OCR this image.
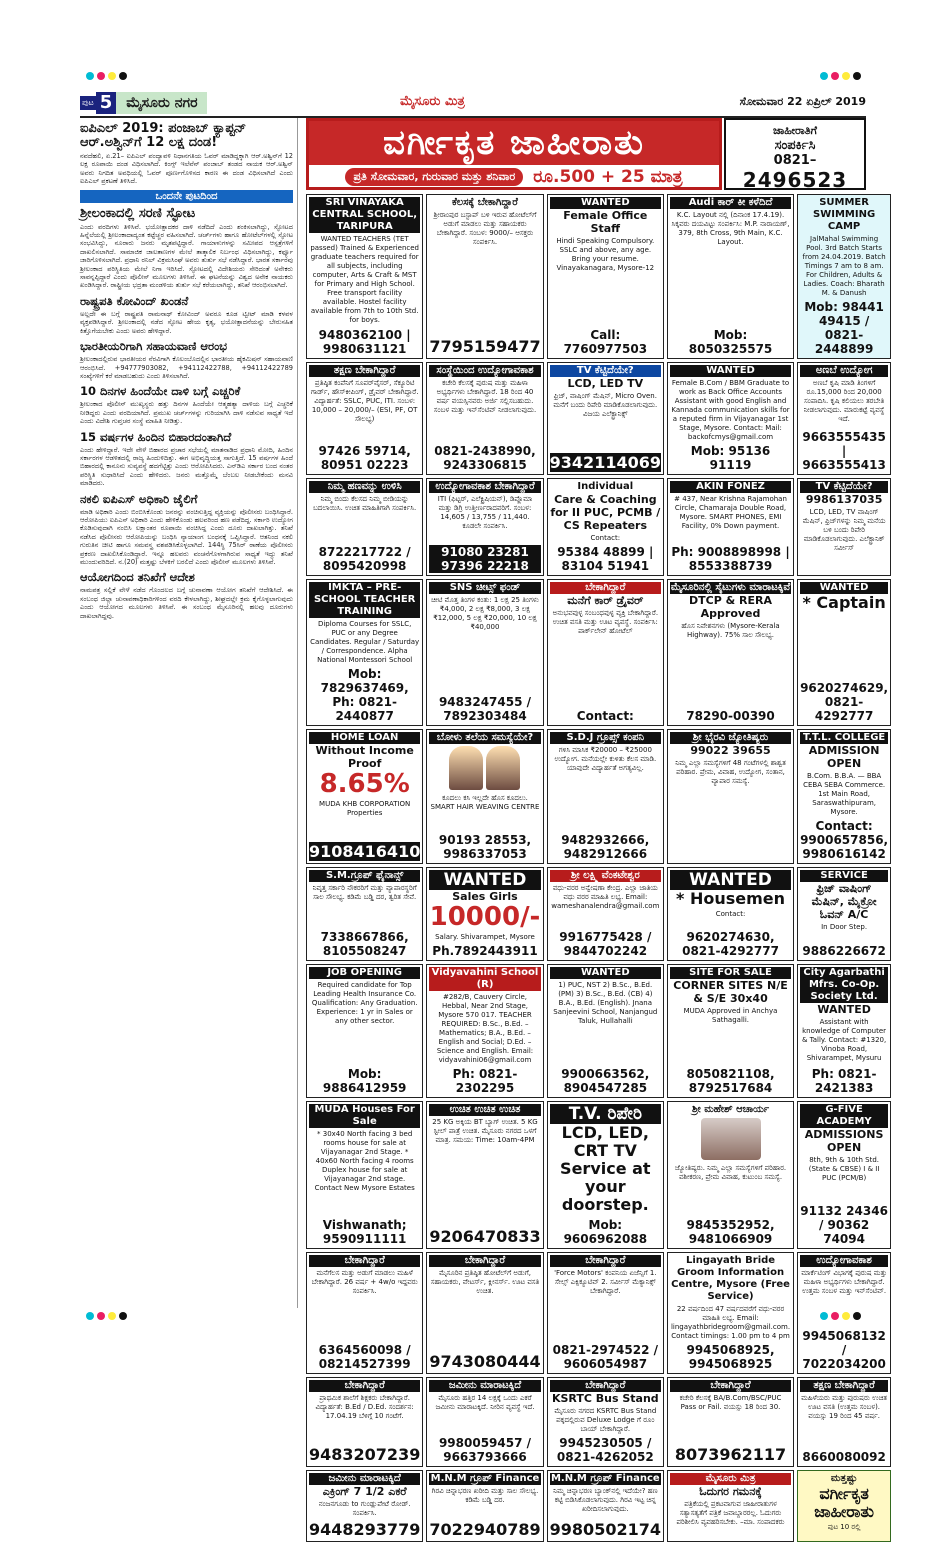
ಪುಟ 5	ಮೈಸೂರು ನಗರ	ಮೈಸೂರು ಮಿತ್ರ	ಸೋಮವಾರ 22 ಏಪ್ರಿಲ್ 2019
ಐಪಿಎಲ್ 2019: ಪಂಜಾಬ್ ಕ್ಯಾಪ್ಟನ್ ಆರ್.ಅಶ್ವಿನ್‌ಗೆ 12 ಲಕ್ಷ ದಂಡ!
ನವದೆಹಲಿ, ಏ.21– ಐಪಿಎಲ್ ಪಂದ್ಯಾವಳಿ ನಿಧಾನಗತಿಯ ಓವರ್ ಮಾಡಿದ್ದಕ್ಕಾಗಿ ಆರ್.ಅಶ್ವಿನ್‌ಗೆ 12 ಲಕ್ಷ ರೂಪಾಯಿ ದಂಡ ವಿಧಿಸಲಾಗಿದೆ. ಕಿಂಗ್ಸ್ ಇಲೆವೆನ್ ಪಂಜಾಬ್ ತಂಡದ ನಾಯಕ ಆರ್.ಅಶ್ವಿನ್ ಅವರು ನಿಗದಿತ ಅವಧಿಯಲ್ಲಿ ಓವರ್ ಪೂರ್ಣಗೊಳಿಸದ ಕಾರಣ ಈ ದಂಡ ವಿಧಿಸಲಾಗಿದೆ ಎಂದು ಐಪಿಎಲ್ ಪ್ರಕಟಣೆ ತಿಳಿಸಿದೆ.
ಒಂದನೇ ಪುಟದಿಂದ
ಶ್ರೀಲಂಕಾದಲ್ಲಿ ಸರಣಿ ಸ್ಫೋಟ
ಎಂದು ವರದಿಗಳು ತಿಳಿಸಿವೆ. ಭಯೋತ್ಪಾದಕರ ದಾಳಿ ನಡೆದಿದೆ ಎಂದು ಶಂಕಿಸಲಾಗಿದ್ದು, ಸ್ಫೋಟದ ಹಿನ್ನೆಲೆಯಲ್ಲಿ ಶ್ರೀಲಂಕಾದಾದ್ಯಂತ ಕಟ್ಟೆಚ್ಚರ ವಹಿಸಲಾಗಿದೆ. ಚರ್ಚ್‌ಗಳು ಹಾಗೂ ಹೋಟೆಲ್‌ಗಳಲ್ಲಿ ಸ್ಫೋಟ ಸಂಭವಿಸಿದ್ದು, ನೂರಾರು ಜನರು ಮೃತಪಟ್ಟಿದ್ದಾರೆ. ಗಾಯಾಳುಗಳನ್ನು ಸಮೀಪದ ಆಸ್ಪತ್ರೆಗಳಿಗೆ ದಾಖಲಿಸಲಾಗಿದೆ. ಸಾಮಾಜಿಕ ಜಾಲತಾಣಗಳ ಮೇಲೆ ತಾತ್ಕಾಲಿಕ ನಿರ್ಬಂಧ ವಿಧಿಸಲಾಗಿದ್ದು, ಕರ್ಫ್ಯೂ ಜಾರಿಗೊಳಿಸಲಾಗಿದೆ. ಪ್ರಧಾನಿ ರನಿಲ್ ವಿಕ್ರಮಸಿಂಘೆ ಅವರು ತುರ್ತು ಸಭೆ ನಡೆಸಿದ್ದಾರೆ. ಭಾರತ ಸರ್ಕಾರವು ಶ್ರೀಲಂಕಾದ ಪರಿಸ್ಥಿತಿಯ ಮೇಲೆ ನಿಗಾ ಇರಿಸಿದೆ. ಸ್ಫೋಟದಲ್ಲಿ ವಿದೇಶಿಯರು ಸೇರಿದಂತೆ ಅನೇಕರು ಸಾವನ್ನಪ್ಪಿದ್ದಾರೆ ಎಂದು ಪೊಲೀಸ್ ಮೂಲಗಳು ತಿಳಿಸಿವೆ. ಈ ಘಟನೆಯನ್ನು ವಿಶ್ವದ ಅನೇಕ ನಾಯಕರು ಖಂಡಿಸಿದ್ದಾರೆ. ರಾಷ್ಟ್ರೀಯ ಭದ್ರತಾ ಮಂಡಳಿಯ ತುರ್ತು ಸಭೆ ಕರೆಯಲಾಗಿದ್ದು, ತನಿಖೆ ಆರಂಭಿಸಲಾಗಿದೆ.
ರಾಷ್ಟ್ರಪತಿ ಕೋವಿಂದ್ ಖಂಡನೆ
ಅಲ್ಲದೇ ಈ ಬಗ್ಗೆ ರಾಷ್ಟ್ರಪತಿ ರಾಮನಾಥ್ ಕೋವಿಂದ್ ಅವರೂ ಕೂಡ ಟ್ವೀಟ್ ಮಾಡಿ ಕಳವಳ ವ್ಯಕ್ತಪಡಿಸಿದ್ದಾರೆ. ಶ್ರೀಲಂಕಾದಲ್ಲಿ ನಡೆದ ಸ್ಫೋಟ ಹೇಯ ಕೃತ್ಯ, ಭಯೋತ್ಪಾದನೆಯನ್ನು ಬೇರುಸಹಿತ ಕಿತ್ತೊಗೆಯಬೇಕು ಎಂದು ಅವರು ಹೇಳಿದ್ದಾರೆ.
ಭಾರತೀಯರಿಗಾಗಿ ಸಹಾಯವಾಣಿ ಆರಂಭ
ಶ್ರೀಲಂಕಾದಲ್ಲಿರುವ ಭಾರತೀಯರ ನೆರವಿಗಾಗಿ ಕೊಲಂಬೊದಲ್ಲಿನ ಭಾರತೀಯ ಹೈಕಮಿಷನ್ ಸಹಾಯವಾಣಿ ಆರಂಭಿಸಿದೆ. +94777903082, +94112422788, +94112422789 ಸಂಖ್ಯೆಗಳಿಗೆ ಕರೆ ಮಾಡಬಹುದು ಎಂದು ತಿಳಿಸಲಾಗಿದೆ.
10 ದಿನಗಳ ಹಿಂದೆಯೇ ದಾಳಿ ಬಗ್ಗೆ ಎಚ್ಚರಿಕೆ
ಶ್ರೀಲಂಕಾದ ಪೊಲೀಸ್ ಮುಖ್ಯಸ್ಥರು ಹತ್ತು ದಿನಗಳ ಹಿಂದೆಯೇ ಆತ್ಮಹತ್ಯಾ ದಾಳಿಯ ಬಗ್ಗೆ ಎಚ್ಚರಿಕೆ ನೀಡಿದ್ದರು ಎಂದು ವರದಿಯಾಗಿದೆ. ಪ್ರಮುಖ ಚರ್ಚ್‌ಗಳನ್ನು ಗುರಿಯಾಗಿಸಿ ದಾಳಿ ನಡೆಸುವ ಸಾಧ್ಯತೆ ಇದೆ ಎಂದು ವಿದೇಶಿ ಗುಪ್ತಚರ ಸಂಸ್ಥೆ ಮಾಹಿತಿ ನೀಡಿತ್ತು.
15 ವರ್ಷಗಳ ಹಿಂದಿನ ಬಿಹಾರದಂತಾಗಿದೆ
ಎಂದು ಹೇಳಿದ್ದಾರೆ. ಇದೇ ವೇಳೆ ಬಿಹಾರದ ಪ್ರಚಾರ ಸಭೆಯಲ್ಲಿ ಮಾತನಾಡಿದ ಪ್ರಧಾನಿ ಮೋದಿ, ಹಿಂದಿನ ಸರ್ಕಾರಗಳ ಆಡಳಿತದಲ್ಲಿ ರಾಜ್ಯ ಹಿಂದುಳಿದಿತ್ತು. ಈಗ ಅಭಿವೃದ್ಧಿಯತ್ತ ಸಾಗುತ್ತಿದೆ. 15 ವರ್ಷಗಳ ಹಿಂದೆ ಬಿಹಾರದಲ್ಲಿ ಕಾನೂನು ಸುವ್ಯವಸ್ಥೆ ಹದಗೆಟ್ಟಿತ್ತು ಎಂದು ಆರೋಪಿಸಿದರು. ಎನ್‌ಡಿಎ ಸರ್ಕಾರ ಬಂದ ನಂತರ ಪರಿಸ್ಥಿತಿ ಸುಧಾರಿಸಿದೆ ಎಂದು ಹೇಳಿದರು. ಜನರು ಮತ್ತೊಮ್ಮೆ ಬೆಂಬಲ ನೀಡಬೇಕೆಂದು ಮನವಿ ಮಾಡಿದರು.
ನಕಲಿ ಐಪಿಎಸ್ ಅಧಿಕಾರಿ ಜೈಲಿಗೆ
ಮಾಡಿ ಅಧಿಕಾರಿ ಎಂದು ಬಿಂಬಿಸಿಕೊಂಡು ಜನರನ್ನು ವಂಚಿಸುತ್ತಿದ್ದ ವ್ಯಕ್ತಿಯನ್ನು ಪೊಲೀಸರು ಬಂಧಿಸಿದ್ದಾರೆ. ಆರೋಪಿಯು ಐಪಿಎಸ್ ಅಧಿಕಾರಿ ಎಂದು ಹೇಳಿಕೊಂಡು ಹಲವರಿಂದ ಹಣ ಪಡೆದಿದ್ದ. ಸರ್ಕಾರಿ ಉದ್ಯೋಗ ಕೊಡಿಸುವುದಾಗಿ ನಂಬಿಸಿ ಲಕ್ಷಾಂತರ ರೂಪಾಯಿ ವಂಚಿಸಿದ್ದ ಎಂದು ದೂರು ದಾಖಲಾಗಿತ್ತು. ತನಿಖೆ ನಡೆಸಿದ ಪೊಲೀಸರು ಆರೋಪಿಯನ್ನು ಬಂಧಿಸಿ ನ್ಯಾಯಾಂಗ ಬಂಧನಕ್ಕೆ ಒಪ್ಪಿಸಿದ್ದಾರೆ. ಆತನಿಂದ ನಕಲಿ ಗುರುತಿನ ಚೀಟಿ ಹಾಗೂ ಸಮವಸ್ತ್ರ ವಶಪಡಿಸಿಕೊಳ್ಳಲಾಗಿದೆ. 144ಸ್ಥಿ 75ಸಿರ್ ಠಾಣೆಯ ಪೊಲೀಸರು ಪ್ರಕರಣ ದಾಖಲಿಸಿಕೊಂಡಿದ್ದಾರೆ. ಇನ್ನೂ ಹಲವರು ವಂಚನೆಗೊಳಗಾಗಿರುವ ಸಾಧ್ಯತೆ ಇದ್ದು ತನಿಖೆ ಮುಂದುವರಿದಿದೆ. ನ.(20) ಮತ್ತಷ್ಟು ಬೆಳಕಿಗೆ ಬರಲಿದೆ ಎಂದು ಪೊಲೀಸ್ ಮೂಲಗಳು ತಿಳಿಸಿವೆ.
ಆಯೋಗದಿಂದ ತನಿಖೆಗೆ ಆದೇಶ
ನಾಮಪತ್ರ ಸಲ್ಲಿಕೆ ವೇಳೆ ನಡೆದ ಗೊಂದಲದ ಬಗ್ಗೆ ಚುನಾವಣಾ ಆಯೋಗ ತನಿಖೆಗೆ ಆದೇಶಿಸಿದೆ. ಈ ಸಂಬಂಧ ಜಿಲ್ಲಾ ಚುನಾವಣಾಧಿಕಾರಿಗಳಿಂದ ವರದಿ ಕೇಳಲಾಗಿದ್ದು, ಶೀಘ್ರದಲ್ಲೇ ಕ್ರಮ ಕೈಗೊಳ್ಳಲಾಗುವುದು ಎಂದು ಆಯೋಗದ ಮೂಲಗಳು ತಿಳಿಸಿವೆ. ಈ ಸಂಬಂಧ ಮೈಸೂರಿನಲ್ಲಿ ಹಲವು ದೂರುಗಳು ದಾಖಲಾಗಿದ್ದವು.
ವರ್ಗೀಕೃತ ಜಾಹೀರಾತು
ಪ್ರತಿ ಸೋಮವಾರ, ಗುರುವಾರ ಮತ್ತು ಶನಿವಾರ	ರೂ.500 + 25 ಮಾತ್ರ
ಜಾಹೀರಾತಿಗೆ
ಸಂಪರ್ಕಿಸಿ
0821–
2496523
SRI VINAYAKA CENTRAL SCHOOL, TARIPURA
WANTED TEACHERS (TET passed) Trained & Experienced graduate teachers required for all subjects, including computer, Arts & Craft & MST for Primary and High School. Free transport facility available. Hostel facility available from 7th to 10th Std. for boys.
9480362100 | 9980631121
ಕೆಲಸಕ್ಕೆ ಬೇಕಾಗಿದ್ದಾರೆ
ಶ್ರೀರಾಂಪುರ ಬಸ್ಟಾಪ್ ಬಳಿ ಇರುವ ಹೋಟೆಲ್‌ಗೆ ಅಡುಗೆ ಮಾಡಲು ಮತ್ತು ಸಹಾಯಕರು ಬೇಕಾಗಿದ್ದಾರೆ. ಸಂಬಳ: 9000/– ಆಸಕ್ತರು ಸಂಪರ್ಕಿಸಿ.
7795159477
WANTED
Female Office Staff
Hindi Speaking Compulsory. SSLC and above, any age. Bring your resume. Vinayakanagara, Mysore-12
Call: 7760977503
Audi ಕಾರ್ ಕೀ ಕಳೆದಿದೆ
K.C. Layout ನಲ್ಲಿ (ದಿನಾಂಕ 17.4.19). ಸಿಕ್ಕವರು ದಯವಿಟ್ಟು ಸಂಪರ್ಕಿಸಿ: M.P. ನಾರಾಯಣ್, 379, 8th Cross, 9th Main, K.C. Layout.
Mob: 8050325575
SUMMER SWIMMING CAMP
JalMahal Swimming Pool. 3rd Batch Starts from 24.04.2019. Batch Timings 7 am to 8 am. For Children, Adults & Ladies. Coach: Bharath M. & Danush
Mob: 98441 49415 / 0821-2448899
ತಕ್ಷಣ ಬೇಕಾಗಿದ್ದಾರೆ
ಪ್ರತಿಷ್ಠಿತ ಕಂಪೆನಿಗೆ ಸೂಪರ್‌ವೈಸರ್, ಸೆಕ್ಯೂರಿಟಿ ಗಾರ್ಡ್, ಹೌಸ್‌ಕೀಪಿಂಗ್, ಡ್ರೈವರ್ ಬೇಕಾಗಿದ್ದಾರೆ. ವಿದ್ಯಾರ್ಹತೆ: SSLC, PUC, ITI. ಸಂಬಳ: 10,000 – 20,000/– (ESI, PF, OT ಸೌಲಭ್ಯ)
97426 59714, 80951 02223
ಸಂಸ್ಥೆಯಿಂದ ಉದ್ಯೋಗಾವಕಾಶ
ಕಚೇರಿ ಕೆಲಸಕ್ಕೆ ಪುರುಷ ಮತ್ತು ಮಹಿಳಾ ಅಭ್ಯರ್ಥಿಗಳು ಬೇಕಾಗಿದ್ದಾರೆ. 18 ರಿಂದ 40 ವರ್ಷ ವಯಸ್ಸಿನವರು ಅರ್ಜಿ ಸಲ್ಲಿಸಬಹುದು. ಸಂಬಳ ಮತ್ತು ಇನ್‌ಸೆಂಟಿವ್ ನೀಡಲಾಗುವುದು.
0821-2438990, 9243306815
TV ಕೆಟ್ಟಿದೆಯೇ?
LCD, LED TV
ಫ್ರಿಜ್, ವಾಷಿಂಗ್ ಮೆಷಿನ್, Micro Oven. ಮನೆಗೆ ಬಂದು ರಿಪೇರಿ ಮಾಡಿಕೊಡಲಾಗುವುದು. ವಿಜಯ ಎಲೆಕ್ಟ್ರಾನಿಕ್ಸ್
9342114069
WANTED
Female B.Com / BBM Graduate to work as Back Office Accounts Assistant with good English and Kannada communication skills for a reputed firm in Vijayanagar 1st Stage, Mysore. Contact: Mail: backofcmys@gmail.com
Mob: 95136 91119
ಅಣಬೆ ಉದ್ಯೋಗ
ಅಣಬೆ ಕೃಷಿ ಮಾಡಿ ತಿಂಗಳಿಗೆ ರೂ.15,000 ರಿಂದ 20,000 ಸಂಪಾದಿಸಿ. ಕೃಷಿ ಕಲಿಯಲು ತರಬೇತಿ ನೀಡಲಾಗುವುದು. ಮಾರುಕಟ್ಟೆ ವ್ಯವಸ್ಥೆ ಇದೆ.
9663555435 | 9663555413
ನಿಮ್ಮ ಹಣವನ್ನು ಉಳಿಸಿ
ನಿಮ್ಮ ಬಿಂದು ಕೆಲಸದ ನಿಮ್ಮ ಬೀಡಿಯನ್ನು ಬದಲಾಯಿಸಿ. ಉಚಿತ ಮಾಹಿತಿಗಾಗಿ ಸಂಪರ್ಕಿಸಿ.
8722217722 / 8095420998
ಉದ್ಯೋಗಾವಕಾಶ ಬೇಕಾಗಿದ್ದಾರೆ
ITI (ಫಿಟ್ಟರ್, ಎಲೆಕ್ಟ್ರಿಷಿಯನ್), ಡಿಪ್ಲೊಮಾ ಮತ್ತು ಡಿಗ್ರಿ ಉತ್ತೀರ್ಣರಾದವರಿಗೆ. ಸಂಬಳ: 14,605 / 13,755 / 11,440. ಕೂಡಲೇ ಸಂಪರ್ಕಿಸಿ.
91080 23281 97396 22218
Individual
Care & Coaching for II PUC, PCMB / CS Repeaters
Contact:
95384 48899 | 83104 51941
AKIN FONEZ
# 437, Near Krishna Rajamohan Circle, Chamaraja Double Road, Mysore. SMART PHONES, EMI Facility, 0% Down payment.
Ph: 9008898998 | 8553388739
TV ಕೆಟ್ಟಿದೆಯೇ?
9986137035
LCD, LED, TV ವಾಷಿಂಗ್ ಮೆಷಿನ್, ಫ್ರಿಜ್‌ಗಳನ್ನು ನಿಮ್ಮ ಮನೆಯ ಬಳಿ ಬಂದು ರಿಪೇರಿ ಮಾಡಿಕೊಡಲಾಗುವುದು. ಎಲೆಕ್ಟ್ರಾನಿಕ್ ಸರ್ವೀಸ್
IMKTA – PRE-SCHOOL TEACHER TRAINING
Diploma Courses for SSLC, PUC or any Degree Candidates. Regular / Saturday / Correspondence. Alpha National Montessori School
Mob: 7829637469, Ph: 0821-2440877
SNS ಚೀಟ್ಸ್ ಫಂಡ್
ಚೀಟಿ ಮೊತ್ತ ತಿಂಗಳ ಕಂತು: 1 ಲಕ್ಷ 25 ತಿಂಗಳು ₹4,000, 2 ಲಕ್ಷ ₹8,000, 3 ಲಕ್ಷ ₹12,000, 5 ಲಕ್ಷ ₹20,000, 10 ಲಕ್ಷ ₹40,000
9483247455 / 7892303484
ಬೇಕಾಗಿದ್ದಾರೆ
ಮನೆಗೆ ಕಾರ್ ಡ್ರೈವರ್
ಅನುಭವವುಳ್ಳ ಸಂಬಂಧವುಳ್ಳ ವ್ಯಕ್ತಿ ಬೇಕಾಗಿದ್ದಾರೆ. ಉಚಿತ ವಸತಿ ಮತ್ತು ಊಟ ವ್ಯವಸ್ಥೆ. ಸಂಪರ್ಕಿಸಿ: ಪಾರ್ಕ್‌ಲೇನ್ ಹೋಟೆಲ್
Contact:
ಮೈಸೂರಿನಲ್ಲಿ ಸೈಟುಗಳು ಮಾರಾಟಕ್ಕಿವೆ
DTCP & RERA Approved
ಹೊಸ ನಿವೇಶನಗಳು (Mysore-Kerala Highway). 75% ಸಾಲ ಸೌಲಭ್ಯ.
78290-00390
WANTED
* Captain
9620274629, 0821-4292777
HOME LOAN
Without Income Proof
8.65%
MUDA KHB CORPORATION Properties
9108416410
ಬೋಳು ತಲೆಯ ಸಮಸ್ಯೆಯೇ?
ಕೂದಲು ಕಸಿ ಇಲ್ಲದೇ ಹೊಸ ಕೂದಲು. SMART HAIR WEAVING CENTRE
90193 28553, 9986337053
S.D.J ಗ್ರೂಪ್ಸ್ ಕಂಪನಿ
ಗಳಿಸಿ ಮಾಸಿಕ ₹20000 – ₹25000 ಉದ್ಯೋಗ. ಮನೆಯಲ್ಲೇ ಕುಳಿತು ಕೆಲಸ ಮಾಡಿ. ಯಾವುದೇ ವಿದ್ಯಾರ್ಹತೆ ಅಗತ್ಯವಿಲ್ಲ.
9482932666, 9482912666
ಶ್ರೀ ಭೈರವಿ ಜ್ಯೋತಿಷ್ಯರು
99022 39655
ನಿಮ್ಮ ಎಲ್ಲಾ ಸಮಸ್ಯೆಗಳಿಗೆ 48 ಗಂಟೆಗಳಲ್ಲಿ ಶಾಶ್ವತ ಪರಿಹಾರ. ಪ್ರೇಮ, ವಿವಾಹ, ಉದ್ಯೋಗ, ಸಂತಾನ, ವ್ಯಾಪಾರ ಸಮಸ್ಯೆ.
T.T.L. COLLEGE
ADMISSION OPEN
B.Com. B.B.A. — BBA CEBA SEBA Commerce. 1st Main Road, Saraswathipuram, Mysore.
Contact: 9900657856, 9980616142
S.M.ಗ್ರೂಪ್ ಫೈನಾನ್ಸ್
ನಿವೃತ್ತ ಸರ್ಕಾರಿ ನೌಕರರಿಗೆ ಮತ್ತು ವ್ಯಾಪಾರಸ್ಥರಿಗೆ ಸಾಲ ಸೌಲಭ್ಯ. ಕಡಿಮೆ ಬಡ್ಡಿ ದರ, ತ್ವರಿತ ಸೇವೆ.
7338667866, 8105508247
WANTED
Sales Girls
10000/-
Salary. Shivarampet, Mysore
Ph.7892443911
ಶ್ರೀ ಲಕ್ಷ್ಮಿ ವೆಂಕಟೇಶ್ವರ
ವಧು-ವರರ ಅನ್ವೇಷಣಾ ಕೇಂದ್ರ. ಎಲ್ಲಾ ಜಾತಿಯ ವಧು ವರರ ಮಾಹಿತಿ ಲಭ್ಯ. Email: wameshanalendra@gmail.com
9916775428 / 9844702242
WANTED
* Housemen
Contact:
9620274630, 0821-4292777
SERVICE
ಫ್ರಿಜ್ ವಾಷಿಂಗ್ ಮೆಷಿನ್, ಮೈಕ್ರೋ ಓವನ್ A/C
In Door Step.
9886226672
JOB OPENING
Required candidate for Top Leading Health Insurance Co. Qualification: Any Graduation. Experience: 1 yr in Sales or any other sector.
Mob: 9886412959
Vidyavahini School (R)
#282/B, Cauvery Circle, Hebbal, Near 2nd Stage, Mysore 570 017. TEACHER REQUIRED: B.Sc., B.Ed. – Mathematics; B.A., B.Ed. – English and Social; D.Ed. – Science and English. Email: vidyavahini06@gmail.com
Ph: 0821-2302295
WANTED
1) PUC, NST 2) B.Sc., B.Ed. (PM) 3) B.Sc., B.Ed. (CB) 4) B.A., B.Ed. (English). Jnana Sanjeevini School, Nanjangud Taluk, Hullahalli
9900663562, 8904547285
SITE FOR SALE
CORNER SITES N/E & S/E 30x40
MUDA Approved in Anchya Sathagalli.
8050821108, 8792517684
City Agarbathi Mfrs. Co-Op. Society Ltd.
WANTED
Assistant with knowledge of Computer & Tally. Contact: #1320, Vinoba Road, Shivarampet, Mysuru
Ph: 0821-2421383
MUDA Houses For Sale
* 30x40 North facing 3 bed rooms house for sale at Vijayanagar 2nd Stage. * 40x60 North facing 4 rooms Duplex house for sale at Vijayanagar 2nd stage. Contact New Mysore Estates
Vishwanath; 9590911111
ಉಚಿತ ಉಚಿತ ಉಚಿತ
25 KG ಅಕ್ಕಿಯ BT ಬ್ಯಾಗ್ ಉಚಿತ. 5 KG ಸ್ಟೀಲ್ ಪಾತ್ರೆ ಉಚಿತ. ಮೈಸೂರು ನಗರದ ಒಳಗೆ ಮಾತ್ರ. ಸಮಯ: Time: 10am-4PM
9206470833
T.V. ರಿಪೇರಿ
LCD, LED, CRT TV Service at your doorstep.
Mob: 9606962088
ಶ್ರೀ ಮಹೇಶ್ ಆಚಾರ್ಯ
ಜ್ಯೋತಿಷ್ಯರು. ನಿಮ್ಮ ಎಲ್ಲಾ ಸಮಸ್ಯೆಗಳಿಗೆ ಪರಿಹಾರ. ವಶೀಕರಣ, ಪ್ರೇಮ ವಿವಾಹ, ಕುಟುಂಬ ಸಮಸ್ಯೆ.
9845352952, 9481066909
G-FIVE ACADEMY
ADMISSIONS OPEN
8th, 9th & 10th Std. (State & CBSE) I & II PUC (PCM/B)
91132 24346 / 90362 74094
ಬೇಕಾಗಿದ್ದಾರೆ
ಮನೆಗೆಲಸ ಮತ್ತು ಅಡುಗೆ ಮಾಡಲು ಮಹಿಳೆ ಬೇಕಾಗಿದ್ದಾರೆ. 26 ವರ್ಷ + 4w/o ಇದ್ದವರು ಸಂಪರ್ಕಿಸಿ.
6364560098 / 08214527399
ಬೇಕಾಗಿದ್ದಾರೆ
ಮೈಸೂರಿನ ಪ್ರತಿಷ್ಠಿತ ಹೋಟೆಲ್‌ಗೆ ಅಡುಗೆ, ಸಹಾಯಕರು, ವೇಟರ್ಸ್, ಕ್ಲೀನರ್ಸ್. ಊಟ ವಸತಿ ಉಚಿತ.
9743080444
ಬೇಕಾಗಿದ್ದಾರೆ
'Force Motors' ಕಂಪನಿಯ ಏಜೆನ್ಸಿಗೆ 1. ಸೇಲ್ಸ್ ಎಕ್ಸಿಕ್ಯೂಟಿವ್ 2. ಸರ್ವೀಸ್ ಮೆಕ್ಯಾನಿಕ್ಸ್ ಬೇಕಾಗಿದ್ದಾರೆ.
0821-2974522 / 9606054987
Lingayath Bride Groom Information Centre, Mysore (Free Service)
22 ವರ್ಷದಿಂದ 47 ವರ್ಷದವರೆಗೆ ವಧು-ವರರ ಮಾಹಿತಿ ಲಭ್ಯ. Email: lingayathbridegroom@gmail.com. Contact timings: 1.00 pm to 4 pm
9945068925, 9945068925
ಉದ್ಯೋಗಾವಕಾಶ
ಮಾರ್ಕೆಟಿಂಗ್ ವಿಭಾಗಕ್ಕೆ ಪುರುಷ ಮತ್ತು ಮಹಿಳಾ ಅಭ್ಯರ್ಥಿಗಳು ಬೇಕಾಗಿದ್ದಾರೆ. ಉತ್ತಮ ಸಂಬಳ ಮತ್ತು ಇನ್‌ಸೆಂಟಿವ್.
9945068132 / 7022034200
ಬೇಕಾಗಿದ್ದಾರೆ
ಪ್ರಾಥಮಿಕ ಶಾಲೆಗೆ ಶಿಕ್ಷಕರು ಬೇಕಾಗಿದ್ದಾರೆ. ವಿದ್ಯಾರ್ಹತೆ: B.Ed / D.Ed. ಸಂದರ್ಶನ: 17.04.19 ಬೆಳಿಗ್ಗೆ 10 ಗಂಟೆಗೆ.
9483207239
ಜಮೀನು ಮಾರಾಟಕ್ಕಿದೆ
ಮೈಸೂರು ಹತ್ತಿರ 14 ಲಕ್ಷಕ್ಕೆ ಒಂದು ಎಕರೆ ಜಮೀನು ಮಾರಾಟಕ್ಕಿದೆ. ನೀರಿನ ವ್ಯವಸ್ಥೆ ಇದೆ.
9980059457 / 9663793666
ಬೇಕಾಗಿದ್ದಾರೆ
KSRTC Bus Stand
ಮೈಸೂರು ನಗರದ KSRTC Bus Stand ಪಕ್ಕದಲ್ಲಿರುವ Deluxe Lodge ಗೆ ರೂಂ ಬಾಯ್ ಬೇಕಾಗಿದ್ದಾರೆ.
9945230505 / 0821-4262052
ಬೇಕಾಗಿದ್ದಾರೆ
ಕಚೇರಿ ಕೆಲಸಕ್ಕೆ BA/B.Com/BSC/PUC Pass or Fail. ವಯಸ್ಸು 18 ರಿಂದ 30.
8073962117
ತಕ್ಷಣ ಬೇಕಾಗಿದ್ದಾರೆ
ಮಹಿಳೆಯರು ಮತ್ತು ಪುರುಷರು ಉಚಿತ ಊಟ ವಸತಿ (ಉತ್ತಮ ಸಂಬಳ). ವಯಸ್ಸು 19 ರಿಂದ 45 ವರ್ಷ.
8660080092
ಜಮೀನು ಮಾರಾಟಕ್ಕಿದೆ
ಎಕ್ರಿಂಗ್ 7 1/2 ಎಕರೆ
ನಂಜನಗೂಡು to ಗುಂಡ್ಲುಪೇಟೆ ರೋಡ್. ಸಂಪರ್ಕಿಸಿ.
9448293779
M.N.M ಗ್ರೂಪ್ Finance
ಗಿರವಿ ಚಿನ್ನಾಭರಣ ಖರೀದಿ ಮತ್ತು ಸಾಲ ಸೌಲಭ್ಯ. ಕಡಿಮೆ ಬಡ್ಡಿ ದರ.
7022940789
M.N.M ಗ್ರೂಪ್ Finance
ನಿಮ್ಮ ಚಿನ್ನಾಭರಣ ಬ್ಯಾಂಕ್‌ನಲ್ಲಿ ಇದೆಯೇ? ಹಣ ಕಟ್ಟಿ ಬಿಡಿಸಿಕೊಡಲಾಗುವುದು. ಗಿರವಿ ಇಟ್ಟ ಚಿನ್ನ ಖರೀದಿಸಲಾಗುವುದು.
9980502174
ಮೈಸೂರು ಮಿತ್ರ
ಓದುಗರ ಗಮನಕ್ಕೆ
ಪತ್ರಿಕೆಯಲ್ಲಿ ಪ್ರಕಟವಾಗುವ ಜಾಹೀರಾತುಗಳ ಸತ್ಯಾಸತ್ಯತೆಗೆ ಪತ್ರಿಕೆ ಜವಾಬ್ದಾರರಲ್ಲ. ಓದುಗರು ಪರಿಶೀಲಿಸಿ ವ್ಯವಹರಿಸಬೇಕು. –ಮಾ. ಸಂಪಾದಕರು
ಮತ್ತಷ್ಟು
ವರ್ಗೀಕೃತ ಜಾಹೀರಾತು
ಪುಟ 10 ರಲ್ಲಿ
